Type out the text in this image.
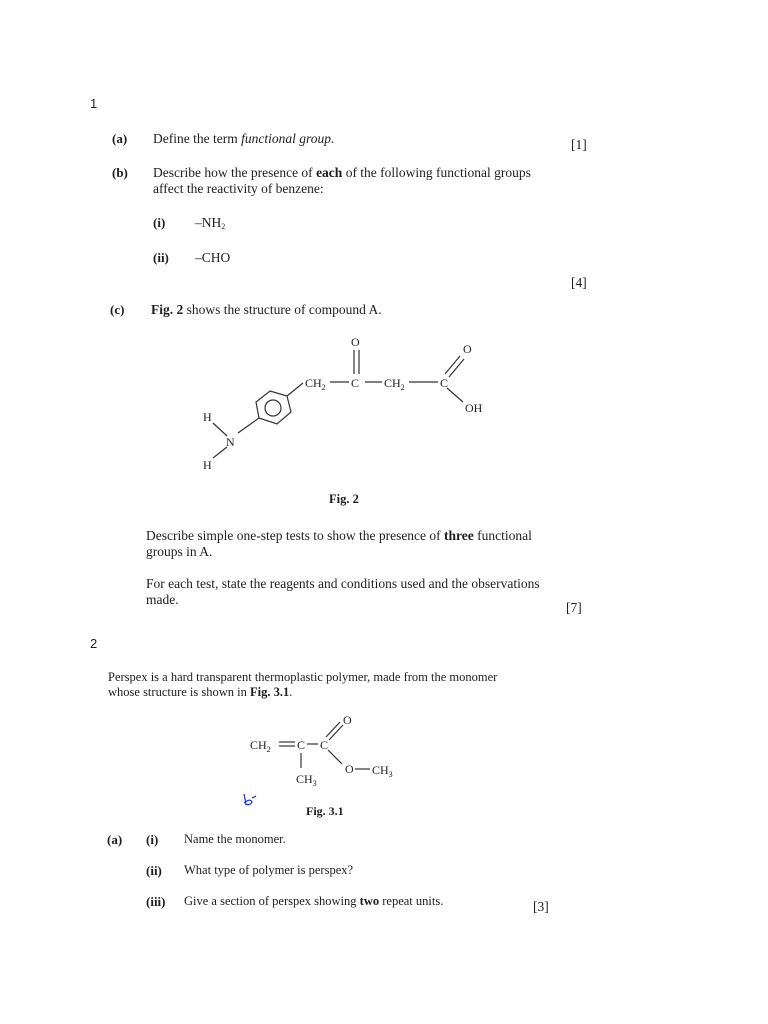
1
(a) Define the term functional group.	[1]
(b) Describe how the presence of each of the following functional groups
affect the reactivity of benzene:
(i) $-NH_2$
(ii) –CHO
[4]
(c) Fig. 2 shows the structure of compound A.
$CH_2$ C
O
$CH_2$	C
O
OH
N
H
H
Fig. 2
Describe simple one-step tests to show the presence of three functional
groups in A.
For each test, state the reagents and conditions used and the observations
made.
[7]
2
Perspex is a hard transparent thermoplastic polymer, made from the monomer
whose structure is shown in Fig. 3.1.
$CH_2$ C C
O
O $CH_3$
$CH_3$
Fig. 3.1
(a) (i) Name the monomer.
(ii) What type of polymer is perspex?
(iii) Give a section of perspex showing two repeat units.	[3]
